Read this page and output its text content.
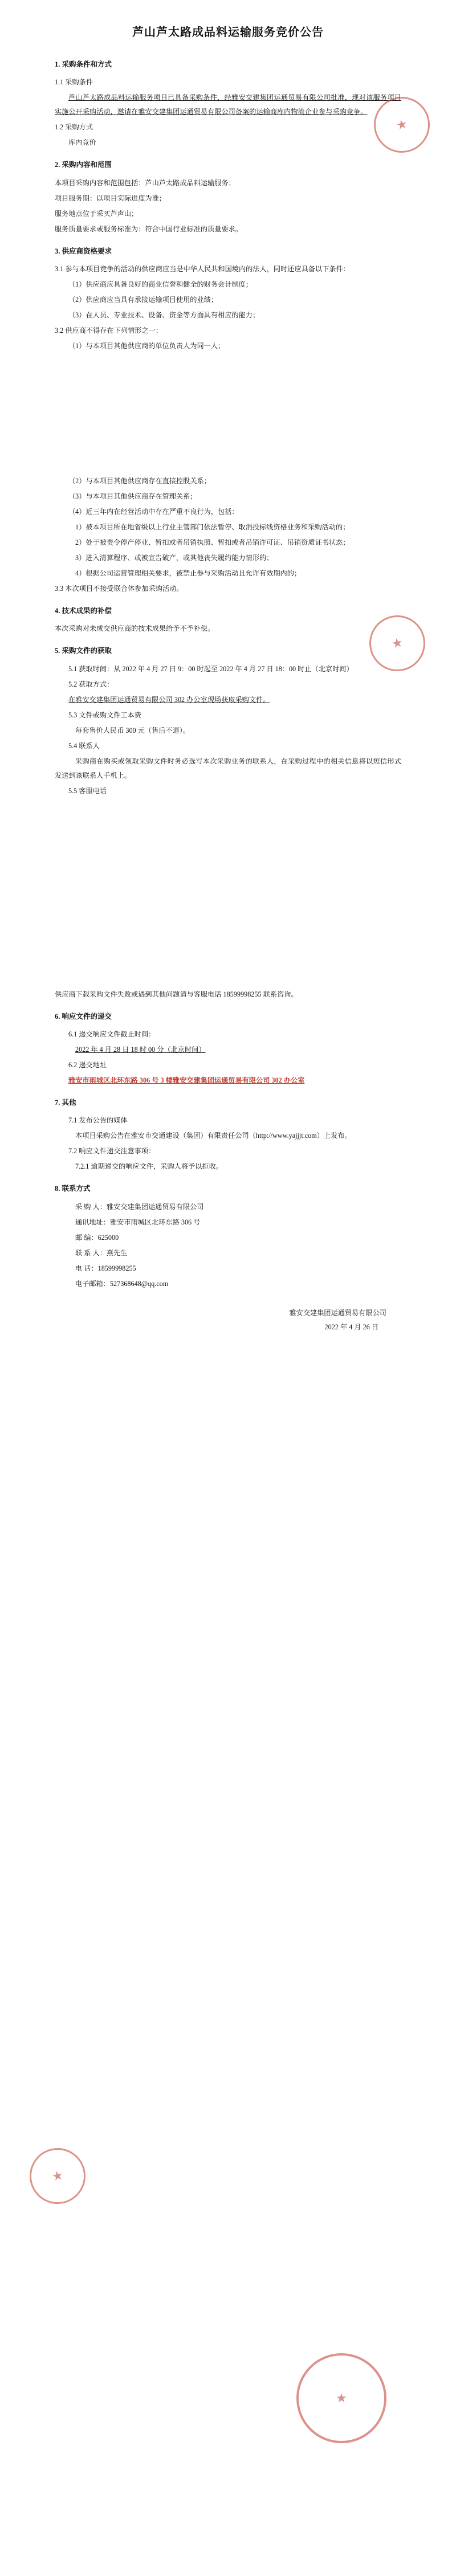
芦山芦太路成品料运输服务竞价公告
1. 采购条件和方式

1.1 采购条件

芦山芦太路成品料运输服务项目已具备采购条件，经雅安交建集团运通贸易有限公司批准，现对该服务项目实施公开采购活动，邀请在雅安交建集团运通贸易有限公司备案的运输商库内物流企业参与采购竞争。

1.2 采购方式

库内竞价

2. 采购内容和范围

本项目采购内容和范围包括：芦山芦太路成品料运输服务；

项目服务期：以项目实际进度为准；

服务地点位于采买芦声山；

服务质量要求或服务标准为：符合中国行业标准的质量要求。

3. 供应商资格要求

3.1 参与本项目竞争的活动的供应商应当是中华人民共和国境内的法人，同时还应具备以下条件：

（1）供应商应具备良好的商业信誉和健全的财务会计制度；

（2）供应商应当具有承接运输项目使用的业绩；

（3）在人员、专业技术、设备、资金等方面具有相应的能力；

3.2 供应商不得存在下列情形之一：

（1）与本项目其他供应商的单位负责人为同一人；

（2）与本项目其他供应商存在直接控股关系；

（3）与本项目其他供应商存在管理关系；

（4）近三年内在经营活动中存在严重不良行为，包括：

1）被本项目所在地省级以上行业主管部门依法暂停、取消投标线资格业务和采购活动的；

2）处于被责令停产停业、暂扣或者吊销执照、暂扣或者吊销许可证、吊销资质证书状态；

3）进入清算程序、或被宣告破产，或其他丧失履约能力情形的；

4）根据公司运营管理相关要求，被禁止参与采购活动且允许有效期内的；

3.3 本次项目不接受联合体参加采购活动。

4. 技术成果的补偿

本次采购对未成交供应商的技术成果给予不予补偿。

5. 采购文件的获取

5.1 获取时间：从 2022 年 4 月 27 日 9：00 时起至 2022 年 4 月 27 日 18：00 时止（北京时间）

5.2 获取方式：

在雅安交建集团运通贸易有限公司 302 办公室现场获取采购文件。

5.3 文件或购文件工本费

每套售价人民币 300 元（售后不退）。

5.4 联系人

采购商在购买或领取采购文件时务必选写本次采购业务的联系人，在采购过程中的相关信息将以短信形式发送到该联系人手机上。

5.5 客服电话

供应商下载采购文件失败或遇到其他问题请与客服电话 18599998255 联系咨询。

6. 响应文件的递交

6.1 递交响应文件截止时间：

2022 年 4 月 28 日 18 时 00 分（北京时间）

6.2 递交地址

雅安市雨城区北环东路 306 号 3 楼雅安交建集团运通贸易有限公司 302 办公室

7. 其他

7.1 发布公告的媒体

本项目采购公告在雅安市交通建设（集团）有限责任公司（http://www.yajjjt.com）上发布。

7.2 响应文件递交注意事项：

7.2.1 逾期递交的响应文件，采购人将予以拒收。

8. 联系方式

采 购 人：雅安交建集团运通贸易有限公司

通讯地址：雅安市雨城区北环东路 306 号

邮 编：625000

联 系 人：燕先生

电 话：18599998255

电子邮箱：527368648@qq.com

雅安交建集团运通贸易有限公司
2022 年 4 月 26 日
★
★
★
★
